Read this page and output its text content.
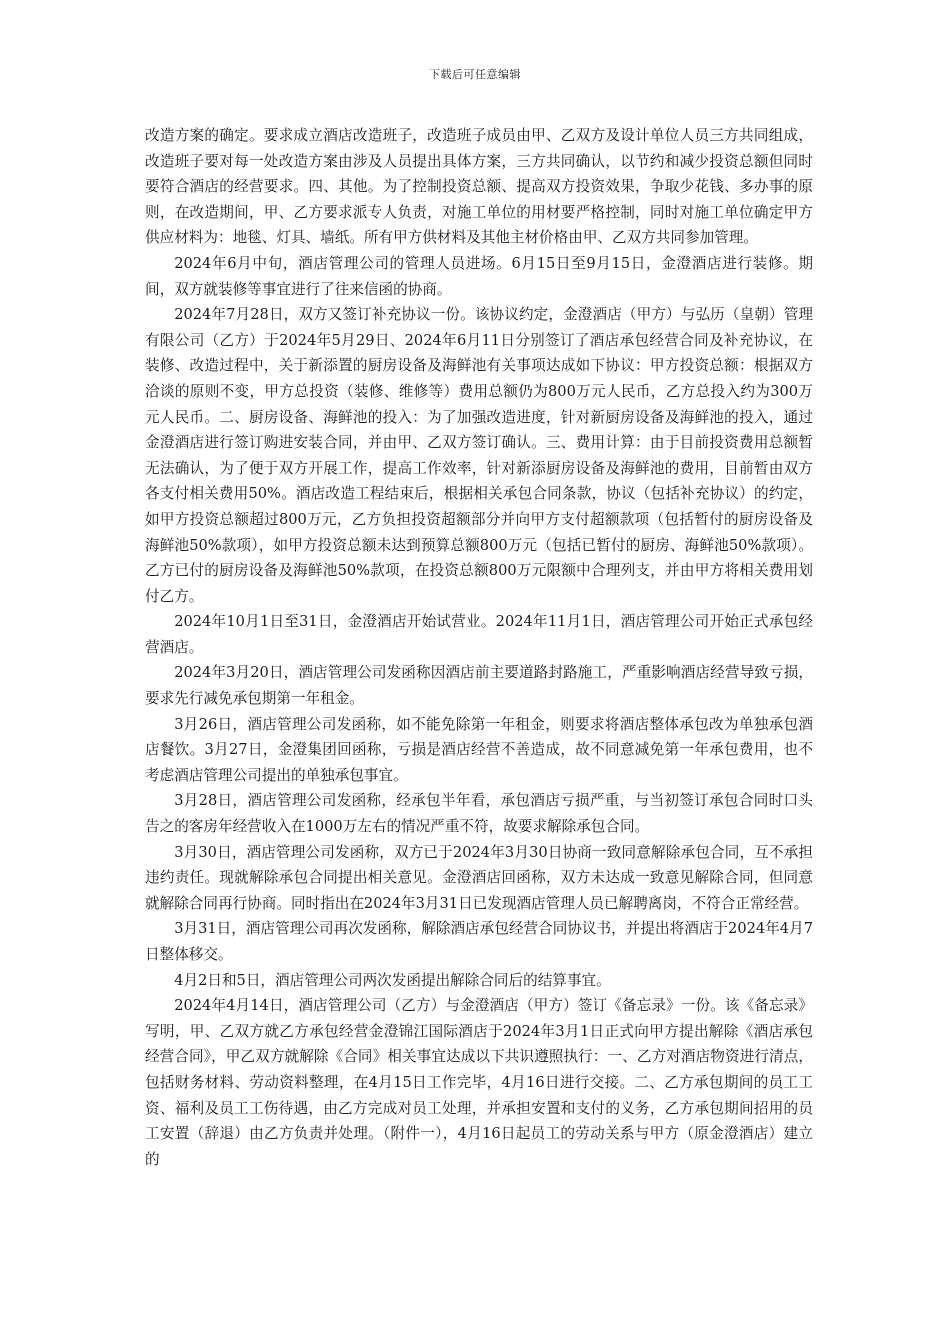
下载后可任意编辑

改造方案的确定。要求成立酒店改造班子，改造班子成员由甲、乙双方及设计单位人员三方共同组成，改造班子要对每一处改造方案由涉及人员提出具体方案，三方共同确认，以节约和减少投资总额但同时要符合酒店的经营要求。四、其他。为了控制投资总额、提高双方投资效果，争取少花钱、多办事的原则，在改造期间，甲、乙方要求派专人负责，对施工单位的用材要严格控制，同时对施工单位确定甲方供应材料为：地毯、灯具、墙纸。所有甲方供材料及其他主材价格由甲、乙双方共同参加管理。

2024年6月中旬，酒店管理公司的管理人员进场。6月15日至9月15日，金澄酒店进行装修。期间，双方就装修等事宜进行了往来信函的协商。

2024年7月28日，双方又签订补充协议一份。该协议约定，金澄酒店（甲方）与弘历（皇朝）管理有限公司（乙方）于2024年5月29日、2024年6月11日分别签订了酒店承包经营合同及补充协议，在装修、改造过程中，关于新添置的厨房设备及海鲜池有关事项达成如下协议：甲方投资总额：根据双方洽谈的原则不变，甲方总投资（装修、维修等）费用总额仍为800万元人民币，乙方总投入约为300万元人民币。二、厨房设备、海鲜池的投入：为了加强改造进度，针对新厨房设备及海鲜池的投入，通过金澄酒店进行签订购进安装合同，并由甲、乙双方签订确认。三、费用计算：由于目前投资费用总额暂无法确认，为了便于双方开展工作，提高工作效率，针对新添厨房设备及海鲜池的费用，目前暂由双方各支付相关费用50%。酒店改造工程结束后，根据相关承包合同条款，协议（包括补充协议）的约定，如甲方投资总额超过800万元，乙方负担投资超额部分并向甲方支付超额款项（包括暂付的厨房设备及海鲜池50%款项），如甲方投资总额未达到预算总额800万元（包括已暂付的厨房、海鲜池50%款项）。乙方已付的厨房设备及海鲜池50%款项，在投资总额800万元限额中合理列支，并由甲方将相关费用划付乙方。

2024年10月1日至31日，金澄酒店开始试营业。2024年11月1日，酒店管理公司开始正式承包经营酒店。

2024年3月20日，酒店管理公司发函称因酒店前主要道路封路施工，严重影响酒店经营导致亏损，要求先行减免承包期第一年租金。

3月26日，酒店管理公司发函称，如不能免除第一年租金，则要求将酒店整体承包改为单独承包酒店餐饮。3月27日，金澄集团回函称，亏损是酒店经营不善造成，故不同意减免第一年承包费用，也不考虑酒店管理公司提出的单独承包事宜。

3月28日，酒店管理公司发函称，经承包半年看，承包酒店亏损严重，与当初签订承包合同时口头告之的客房年经营收入在1000万左右的情况严重不符，故要求解除承包合同。

3月30日，酒店管理公司发函称，双方已于2024年3月30日协商一致同意解除承包合同，互不承担违约责任。现就解除承包合同提出相关意见。金澄酒店回函称，双方未达成一致意见解除合同，但同意就解除合同再行协商。同时指出在2024年3月31日已发现酒店管理人员已解聘离岗，不符合正常经营。

3月31日，酒店管理公司再次发函称，解除酒店承包经营合同协议书，并提出将酒店于2024年4月7日整体移交。

4月2日和5日，酒店管理公司两次发函提出解除合同后的结算事宜。

2024年4月14日，酒店管理公司（乙方）与金澄酒店（甲方）签订《备忘录》一份。该《备忘录》写明，甲、乙双方就乙方承包经营金澄锦江国际酒店于2024年3月1日正式向甲方提出解除《酒店承包经营合同》，甲乙双方就解除《合同》相关事宜达成以下共识遵照执行：一、乙方对酒店物资进行清点，包括财务材料、劳动资料整理，在4月15日工作完毕，4月16日进行交接。二、乙方承包期间的员工工资、福利及员工工伤待遇，由乙方完成对员工处理，并承担安置和支付的义务，乙方承包期间招用的员工安置（辞退）由乙方负责并处理。（附件一），4月16日起员工的劳动关系与甲方（原金澄酒店）建立的
